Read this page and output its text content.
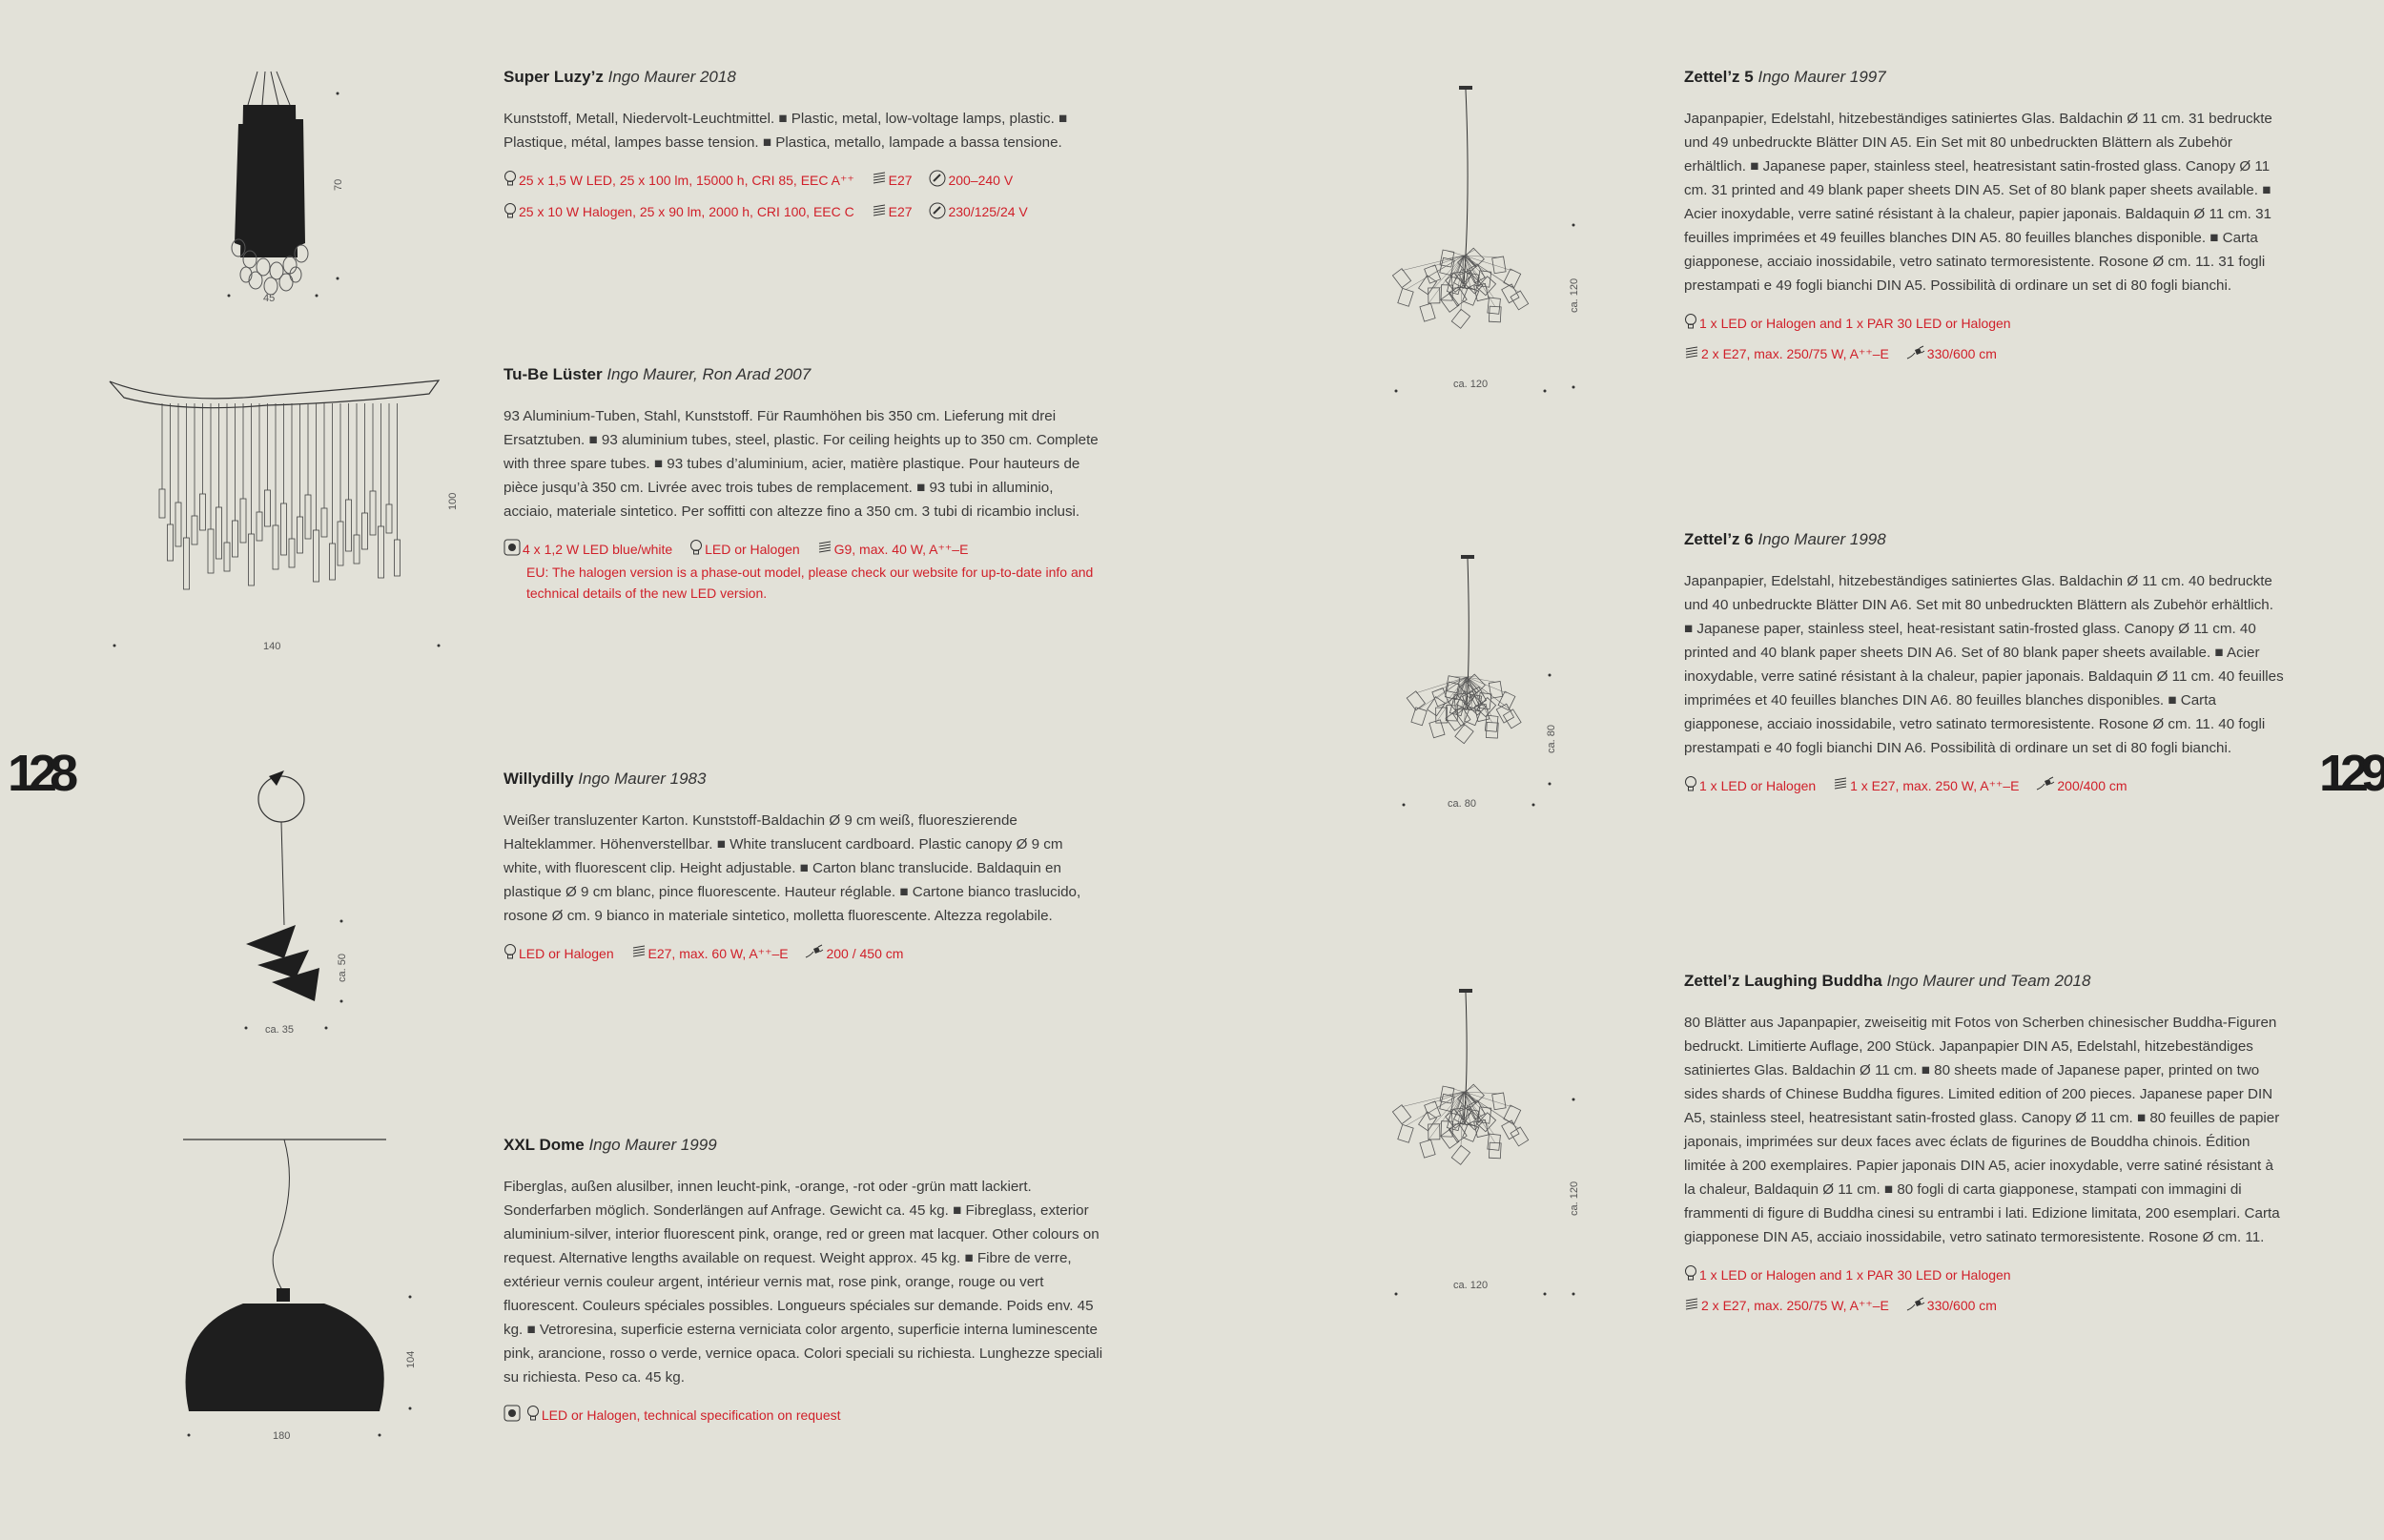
128	129
70
45
100
140
ca. 50
ca. 35
104
180
ca. 120
ca. 120
ca. 80
ca. 80
ca. 120
ca. 120

Super Luzy’z Ingo Maurer 2018

Kunststoff, Metall, Niedervolt-Leuchtmittel. ■ Plastic, metal, low-voltage lamps, plastic. ■ Plastique, métal, lampes basse tension. ■ Plastica, metallo, lampade a bassa tensione.

25 x 1,5 W LED, 25 x 100 lm, 15000 h, CRI 85, EEC A⁺⁺	E27	200–240 V

25 x 10 W Halogen, 25 x 90 lm, 2000 h, CRI 100, EEC C	E27	230/125/24 V

Tu-Be Lüster Ingo Maurer, Ron Arad 2007

93 Aluminium-Tuben, Stahl, Kunststoff. Für Raumhöhen bis 350 cm. Lieferung mit drei Ersatztuben. ■ 93 aluminium tubes, steel, plastic. For ceiling heights up to 350 cm. Complete with three spare tubes. ■ 93 tubes d’aluminium, acier, matière plastique. Pour hauteurs de pièce jusqu’à 350 cm. Livrée avec trois tubes de remplacement. ■ 93 tubi in alluminio, acciaio, materiale sintetico. Per soffitti con altezze fino a 350 cm. 3 tubi di ricambio inclusi.

4 x 1,2 W LED blue/white LED or Halogen	G9, max. 40 W, A⁺⁺–E

EU: The halogen version is a phase-out model, please check our website for up-to-date info and technical details of the new LED version.

Willydilly Ingo Maurer 1983

Weißer transluzenter Karton. Kunststoff-Baldachin Ø 9 cm weiß, fluoreszierende Halteklammer. Höhenverstellbar. ■ White translucent cardboard. Plastic canopy Ø 9 cm white, with fluorescent clip. Height adjustable. ■ Carton blanc translucide. Baldaquin en plastique Ø 9 cm blanc, pince fluorescente. Hauteur réglable. ■ Cartone bianco traslucido, rosone Ø cm. 9 bianco in materiale sintetico, molletta fluorescente. Altezza regolabile.

LED or Halogen	E27, max. 60 W, A⁺⁺–E	200 / 450 cm

XXL Dome Ingo Maurer 1999

Fiberglas, außen alusilber, innen leucht-pink, -orange, -rot oder -grün matt lackiert. Sonderfarben möglich. Sonderlängen auf Anfrage. Gewicht ca. 45 kg. ■ Fibreglass, exterior aluminium-silver, interior fluorescent pink, orange, red or green mat lacquer. Other colours on request. Alternative lengths available on request. Weight approx. 45 kg. ■ Fibre de verre, extérieur vernis couleur argent, intérieur vernis mat, rose pink, orange, rouge ou vert fluorescent. Couleurs spéciales possibles. Longueurs spéciales sur demande. Poids env. 45 kg. ■ Vetroresina, superficie esterna verniciata color argento, superficie interna luminescente pink, arancione, rosso o verde, vernice opaca. Colori speciali su richiesta. Lunghezze speciali su richiesta. Peso ca. 45 kg.

LED or Halogen, technical specification on request

Zettel’z 5 Ingo Maurer 1997

Japanpapier, Edelstahl, hitzebeständiges satiniertes Glas. Baldachin Ø 11 cm. 31 bedruckte und 49 unbedruckte Blätter DIN A5. Ein Set mit 80 unbedruckten Blättern als Zubehör erhältlich. ■ Japanese paper, stainless steel, heatresistant satin-frosted glass. Canopy Ø 11 cm. 31 printed and 49 blank paper sheets DIN A5. Set of 80 blank paper sheets available. ■ Acier inoxydable, verre satiné résistant à la chaleur, papier japonais. Baldaquin Ø 11 cm. 31 feuilles imprimées et 49 feuilles blanches DIN A5. 80 feuilles blanches disponible. ■ Carta giapponese, acciaio inossidabile, vetro satinato termoresistente. Rosone Ø cm. 11. 31 fogli prestampati e 49 fogli bianchi DIN A5. Possibilità di ordinare un set di 80 fogli bianchi.

1 x LED or Halogen and 1 x PAR 30 LED or Halogen

2 x E27, max. 250/75 W, A⁺⁺–E	330/600 cm

Zettel’z 6 Ingo Maurer 1998

Japanpapier, Edelstahl, hitzebeständiges satiniertes Glas. Baldachin Ø 11 cm. 40 bedruckte und 40 unbedruckte Blätter DIN A6. Set mit 80 unbedruckten Blättern als Zubehör erhältlich. ■ Japanese paper, stainless steel, heat-resistant satin-frosted glass. Canopy Ø 11 cm. 40 printed and 40 blank paper sheets DIN A6. Set of 80 blank paper sheets available. ■ Acier inoxydable, verre satiné résistant à la chaleur, papier japonais. Baldaquin Ø 11 cm. 40 feuilles imprimées et 40 feuilles blanches DIN A6. 80 feuilles blanches disponibles. ■ Carta giapponese, acciaio inossidabile, vetro satinato termoresistente. Rosone Ø cm. 11. 40 fogli prestampati e 40 fogli bianchi DIN A6. Possibilità di ordinare un set di 80 fogli bianchi.

1 x LED or Halogen	1 x E27, max. 250 W, A⁺⁺–E	200/400 cm

Zettel’z Laughing Buddha Ingo Maurer und Team 2018

80 Blätter aus Japanpapier, zweiseitig mit Fotos von Scherben chinesischer Buddha-Figuren bedruckt. Limitierte Auflage, 200 Stück. Japanpapier DIN A5, Edelstahl, hitzebeständiges satiniertes Glas. Baldachin Ø 11 cm. ■ 80 sheets made of Japanese paper, printed on two sides shards of Chinese Buddha figures. Limited edition of 200 pieces. Japanese paper DIN A5, stainless steel, heatresistant satin-frosted glass. Canopy Ø 11 cm. ■ 80 feuilles de papier japonais, imprimées sur deux faces avec éclats de figurines de Bouddha chinois. Édition limitée à 200 exemplaires. Papier japonais DIN A5, acier inoxydable, verre satiné résistant à la chaleur, Baldaquin Ø 11 cm. ■ 80 fogli di carta giapponese, stampati con immagini di frammenti di figure di Buddha cinesi su entrambi i lati. Edizione limitata, 200 esemplari. Carta giapponese DIN A5, acciaio inossidabile, vetro satinato termoresistente. Rosone Ø cm. 11.

1 x LED or Halogen and 1 x PAR 30 LED or Halogen

2 x E27, max. 250/75 W, A⁺⁺–E	330/600 cm
